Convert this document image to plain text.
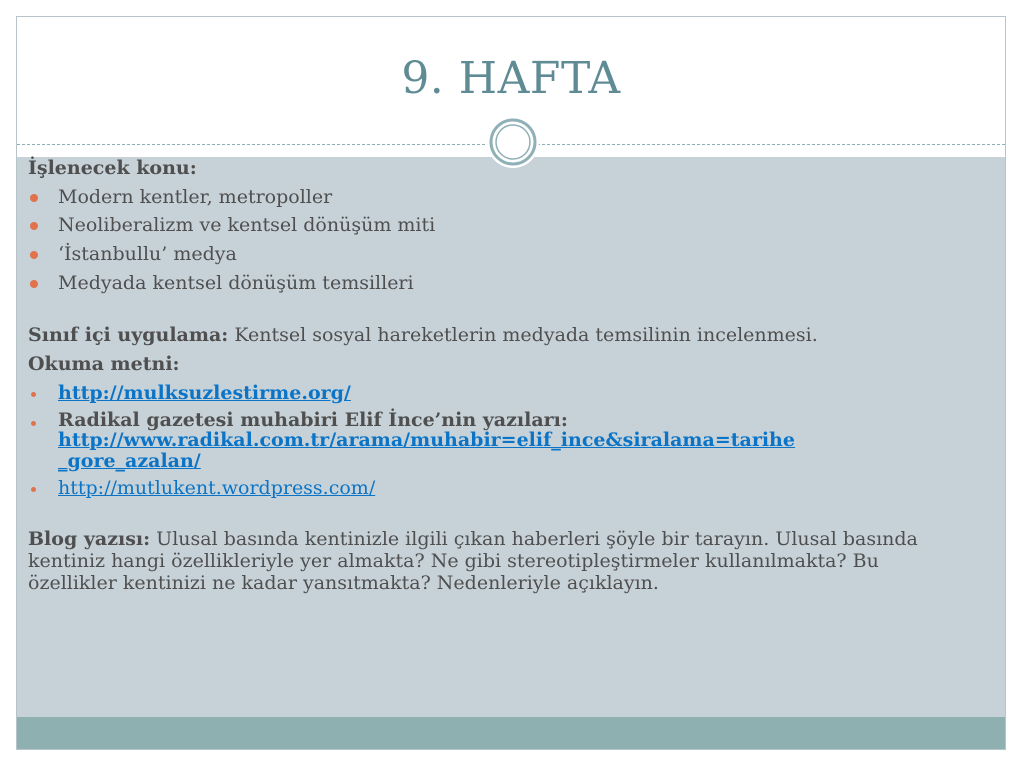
9. HAFTA

İşlenecek konu:

Modern kentler, metropoller
Neoliberalizm ve kentsel dönüşüm miti
‘İstanbullu’ medya
Medyada kentsel dönüşüm temsilleri

Sınıf içi uygulama: Kentsel sosyal hareketlerin medyada temsilinin incelenmesi.

Okuma metni:

http://mulksuzlestirme.org/
Radikal gazetesi muhabiri Elif İnce’nin yazıları:
http://www.radikal.com.tr/arama/muhabir=elif_ince&siralama=tarihe
_gore_azalan/
http://mutlukent.wordpress.com/

Blog yazısı: Ulusal basında kentinizle ilgili çıkan haberleri şöyle bir tarayın. Ulusal basında kentiniz hangi özellikleriyle yer almakta? Ne gibi stereotipleştirmeler kullanılmakta? Bu özellikler kentinizi ne kadar yansıtmakta? Nedenleriyle açıklayın.
